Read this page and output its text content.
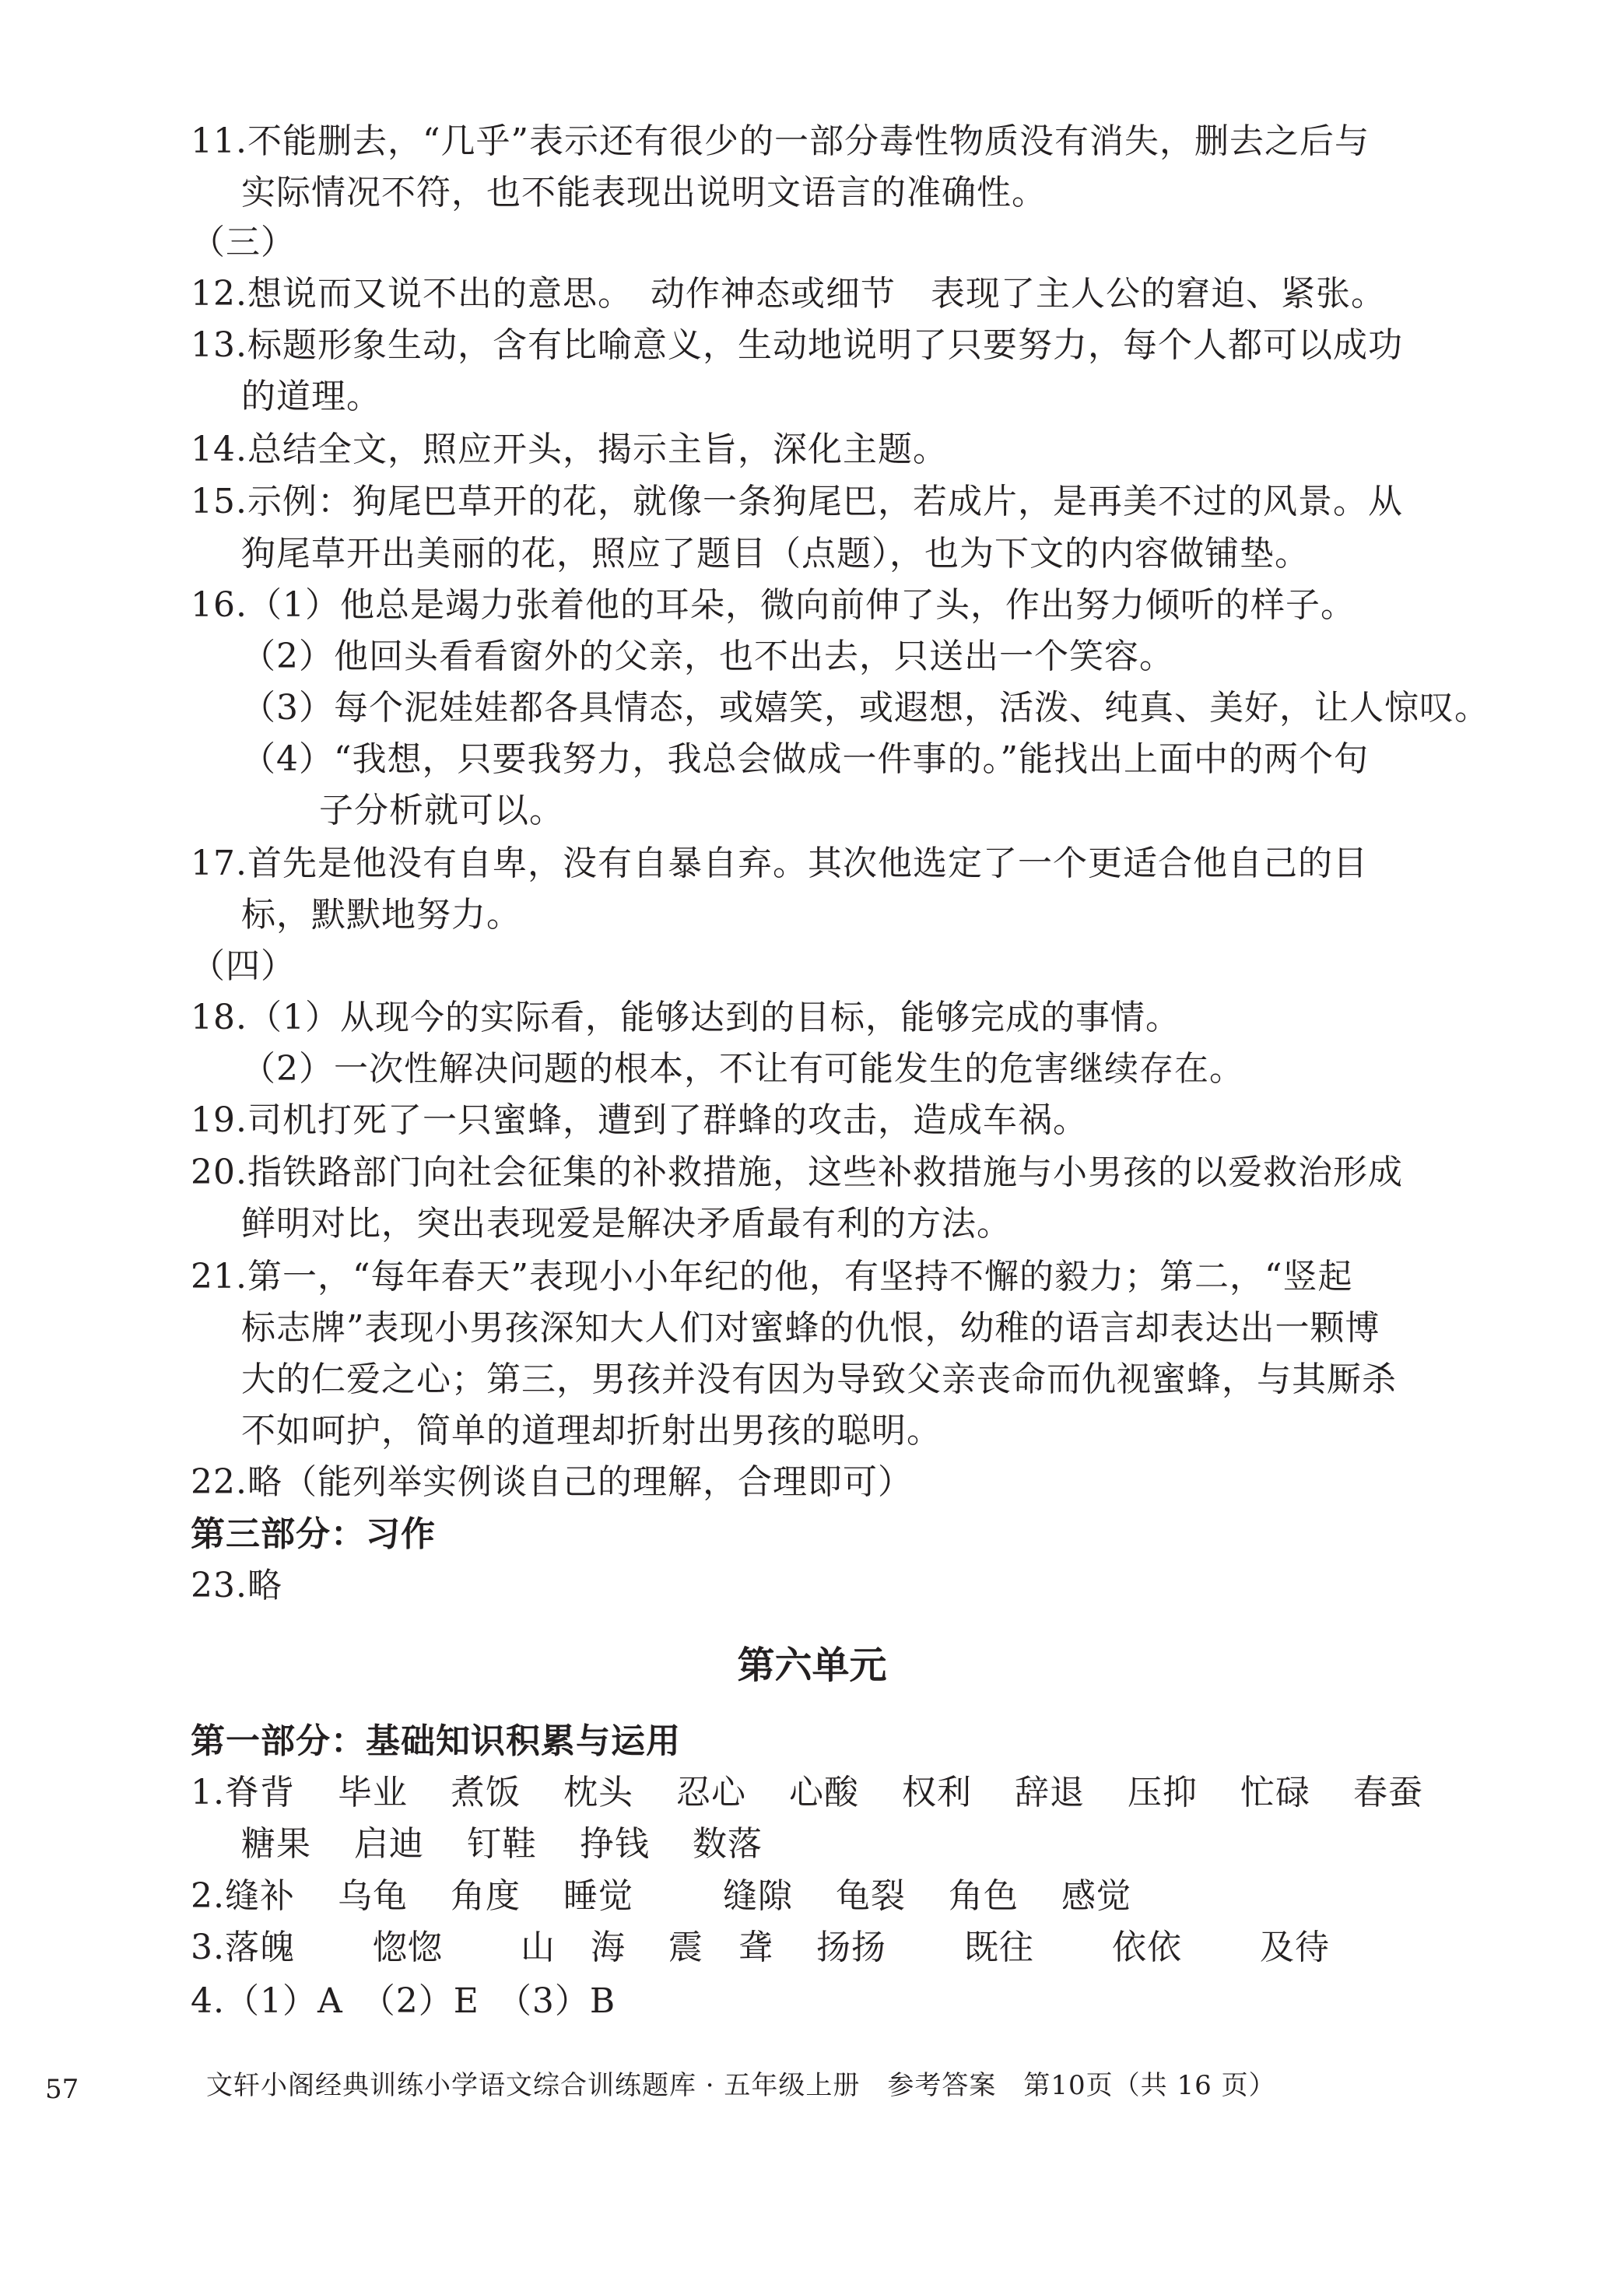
11.不能删去，“几乎”表示还有很少的一部分毒性物质没有消失，删去之后与
实际情况不符，也不能表现出说明文语言的准确性。
（三）
12.想说而又说不出的意思。　动作神态或细节　表现了主人公的窘迫、紧张。
13.标题形象生动，含有比喻意义，生动地说明了只要努力，每个人都可以成功
的道理。
14.总结全文，照应开头，揭示主旨，深化主题。
15.示例：狗尾巴草开的花，就像一条狗尾巴，若成片，是再美不过的风景。从
狗尾草开出美丽的花，照应了题目（点题），也为下文的内容做铺垫。
16.（1）他总是竭力张着他的耳朵，微向前伸了头，作出努力倾听的样子。
（2）他回头看看窗外的父亲，也不出去，只送出一个笑容。
（3）每个泥娃娃都各具情态，或嬉笑，或遐想，活泼、纯真、美好，让人惊叹。
（4）“我想，只要我努力，我总会做成一件事的。”能找出上面中的两个句
子分析就可以。
17.首先是他没有自卑，没有自暴自弃。其次他选定了一个更适合他自己的目
标，默默地努力。
（四）
18.（1）从现今的实际看，能够达到的目标，能够完成的事情。
（2）一次性解决问题的根本，不让有可能发生的危害继续存在。
19.司机打死了一只蜜蜂，遭到了群蜂的攻击，造成车祸。
20.指铁路部门向社会征集的补救措施，这些补救措施与小男孩的以爱救治形成
鲜明对比，突出表现爱是解决矛盾最有利的方法。
21.第一，“每年春天”表现小小年纪的他，有坚持不懈的毅力；第二，“竖起
标志牌”表现小男孩深知大人们对蜜蜂的仇恨，幼稚的语言却表达出一颗博
大的仁爱之心；第三，男孩并没有因为导致父亲丧命而仇视蜜蜂，与其厮杀
不如呵护，简单的道理却折射出男孩的聪明。
22.略（能列举实例谈自己的理解，合理即可）
第三部分：习作
23.略
第六单元
第一部分：基础知识积累与运用
1.脊背 毕业 煮饭 枕头 忍心 心酸 权利 辞退 压抑 忙碌 春蚕
糖果 启迪 钉鞋 挣钱 数落
2.缝补 乌龟 角度 睡觉	缝隙 龟裂 角色 感觉
3.落魄 惚惚 山　海 震　聋 扬扬 既往 依依 及待
4.（1）A　（2）E　（3）B
57	文轩小阁经典训练小学语文综合训练题库 · 五年级上册　参考答案　第10页（共 16 页）
